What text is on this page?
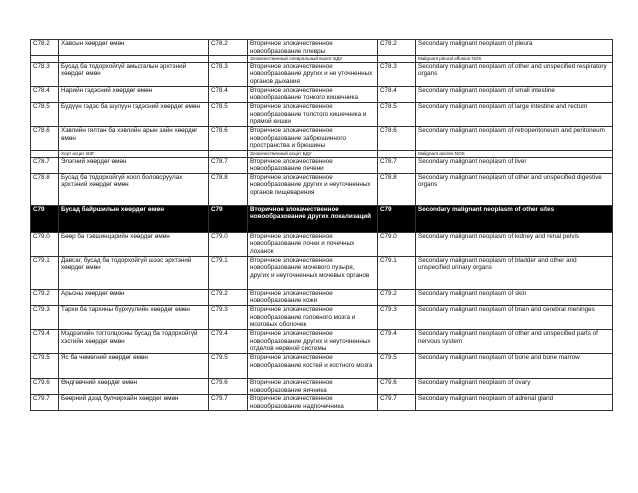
C78.2	Хавсын хөөрдөг өмөн	C78.2	Вторичное злокачественное новообразование плевры	C78.2	Secondary malignant neoplasm of pleura
			Злокачественный плевральный выпот БДУ		Malignant pleural effusion NOS
C78.3	Бусад ба тодорхойгүй амьсгалын эрхтэний хөөрдөг өмөн	C78.3	Вторичное злокачественное новообразование других и не уточненных органов дыхания	C78.3	Secondary malignant neoplasm of other and unspecified respiratory organs
C78.4	Нарийн гэдэсний хөөрдөг өмөн	C78.4	Вторичное злокачественное новообразование тонкого кишечника	C78.4	Secondary malignant neoplasm of small intestine
C78.5	Бүдүүн гэдэс ба шулуун гэдэсний хөөрдөг өмөн	C78.5	Вторичное злокачественное новообразование толстого кишечника и прямой кишки	C78.5	Secondary malignant neoplasm of large intestine and rectum
C78.6	Хэвлийн гялтан ба хэвлийн арын зайн хөөрдөг өмөн	C78.6	Вторичное злокачественное новообразование забрюшинного пространства и брюшины	C78.6	Secondary malignant neoplasm of retroperitoneum and peritoneum
	Хорт асцит ӨЗГ		Злокачественный асцит БДУ		Malignant ascites NOS
C78.7	Элэгний хөөрдөг өмөн	C78.7	Вторичное злокачественное новообразование печени	C78.7	Secondary malignant neoplasm of liver
C78.8	Бусад ба тодорхойгүй хоол боловсруулах эрхтэний хөөрдөг өмөн	C78.8	Вторичное злокачественное новообразование других и неуточненных органов пищеварения	C78.8	Secondary malignant neoplasm of other and unspecified digestive organs
C79	Бусад байршилын хөөрдөг өмөн	C79	Вторичное злокачественное новообразование других локализаций	C79	Secondary malignant neoplasm of other sites
C79.0	Бөөр ба тэвшинцэрийн хөөрдөг өмөн	C79.0	Вторичное злокачественное новообразование почки и почечных лоханок	C79.0	Secondary malignant neoplasm of kidney and renal pelvis
C79.1	Давсаг, бусад ба тодорхойгүй шээс эрхтэний хөөрдөг өмөн	C79.1	Вторичное злокачественное новообразование мочевого пузыря, других и неуточненных мочевых органов	C79.1	Secondary malignant neoplasm of bladder and other and unspecified urinary organs
C79.2	Арьсны хөөрдөг өмөн	C79.2	Вторичное злокачественное новообразование кожи	C79.2	Secondary malignant neoplasm of skin
C79.3	Тархи ба тархины бүрхүүлийн хөөрдөг өмөн	C79.3	Вторичное злокачественное новообразование головного мозга и мозговых оболочек	C79.3	Secondary malignant neoplasm of brain and cerebral meninges
C79.4	Мэдрэлийн тогтолцооны бусад ба тодорхойгүй хэсгийн хөөрдөг өмөн	C79.4	Вторичное злокачественное новообразование других и неуточненных отделов нервной системы	C79.4	Secondary malignant neoplasm of other and unspecified parts of nervous system
C79.5	Яс ба чөмөгний хөөрдөг өмөн	C79.5	Вторичное злокачественное новообразование костей и костного мозга	C79.5	Secondary malignant neoplasm of bone and bone marrow
C79.6	Өндгөвчний хөөрдөг өмөн	C79.6	Вторичное злокачественное новообразование яичника	C79.6	Secondary malignant neoplasm of ovary
C79.7	Бөөрний дээд булчирхайн хөөрдөг өмөн	C79.7	Вторичное злокачественное новообразование надпочечника	C79.7	Secondary malignant neoplasm of adrenal gland
